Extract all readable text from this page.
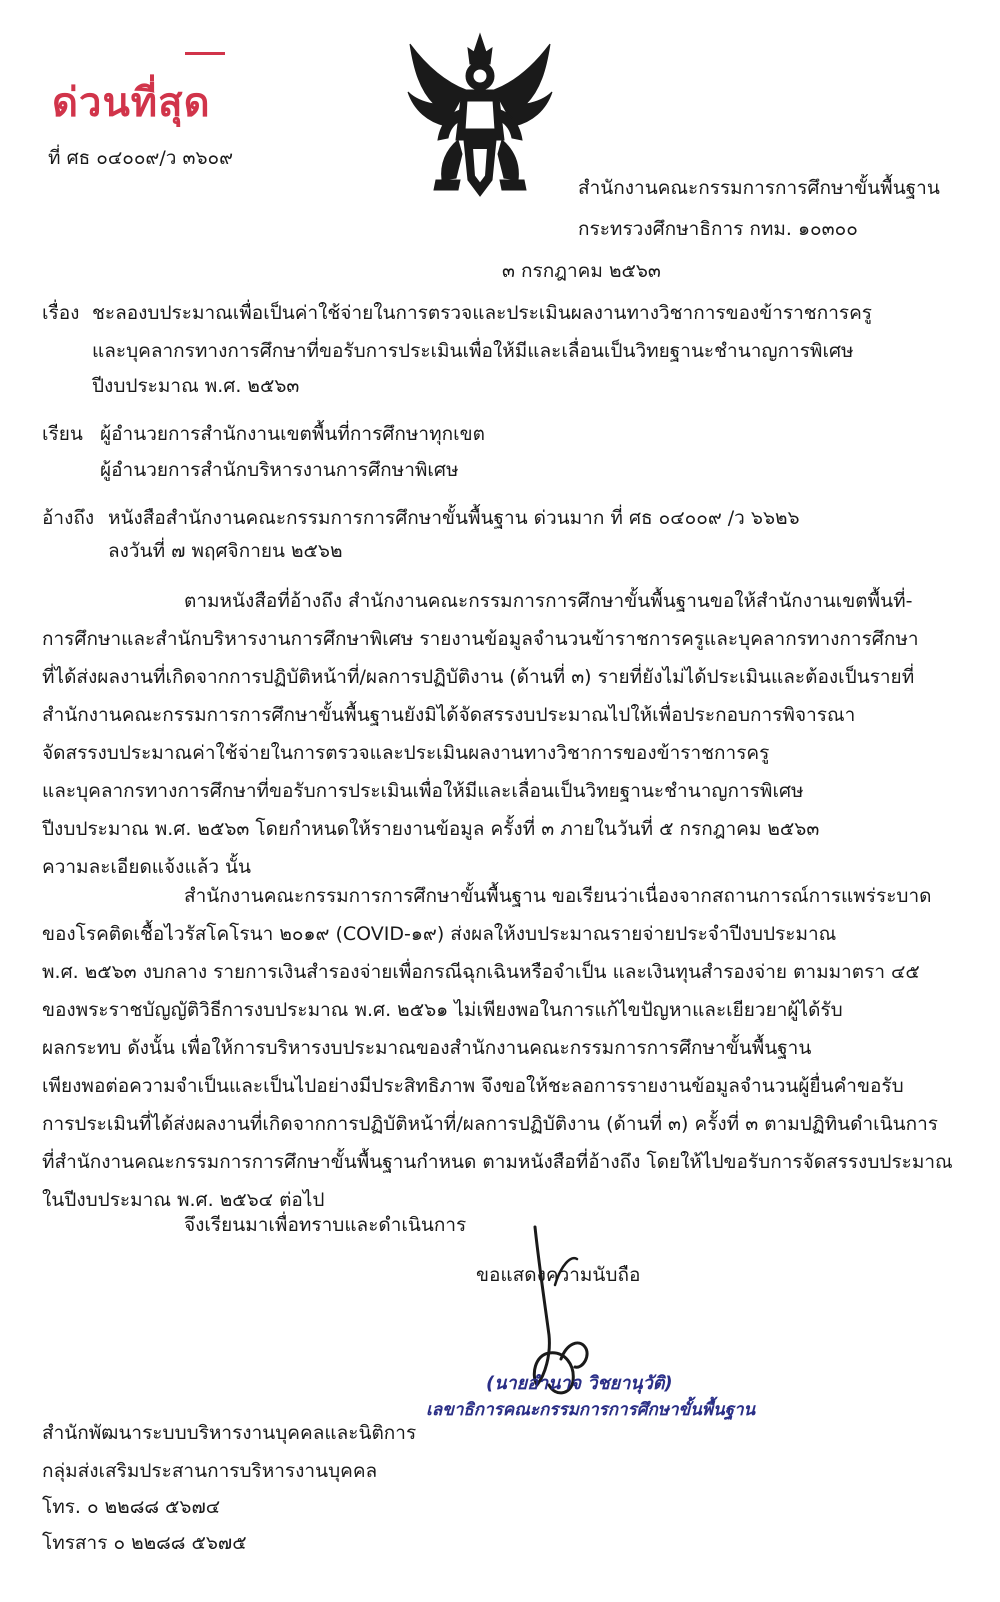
ด่วนที่สุด
ที่ ศธ ๐๔๐๐๙/ว ๓๖๐๙
สำนักงานคณะกรรมการการศึกษาขั้นพื้นฐาน
กระทรวงศึกษาธิการ กทม. ๑๐๓๐๐
๓ กรกฎาคม ๒๕๖๓
เรื่อง ชะลองบประมาณเพื่อเป็นค่าใช้จ่ายในการตรวจและประเมินผลงานทางวิชาการของข้าราชการครู
และบุคลากรทางการศึกษาที่ขอรับการประเมินเพื่อให้มีและเลื่อนเป็นวิทยฐานะชำนาญการพิเศษ
ปีงบประมาณ พ.ศ. ๒๕๖๓
เรียน ผู้อำนวยการสำนักงานเขตพื้นที่การศึกษาทุกเขต
ผู้อำนวยการสำนักบริหารงานการศึกษาพิเศษ
อ้างถึง หนังสือสำนักงานคณะกรรมการการศึกษาขั้นพื้นฐาน ด่วนมาก ที่ ศธ ๐๔๐๐๙ /ว ๖๖๒๖
ลงวันที่ ๗ พฤศจิกายน ๒๕๖๒
ตามหนังสือที่อ้างถึง สำนักงานคณะกรรมการการศึกษาขั้นพื้นฐานขอให้สำนักงานเขตพื้นที่-
การศึกษาและสำนักบริหารงานการศึกษาพิเศษ รายงานข้อมูลจำนวนข้าราชการครูและบุคลากรทางการศึกษา
ที่ได้ส่งผลงานที่เกิดจากการปฏิบัติหน้าที่/ผลการปฏิบัติงาน (ด้านที่ ๓) รายที่ยังไม่ได้ประเมินและต้องเป็นรายที่
สำนักงานคณะกรรมการการศึกษาขั้นพื้นฐานยังมิได้จัดสรรงบประมาณไปให้เพื่อประกอบการพิจารณา
จัดสรรงบประมาณค่าใช้จ่ายในการตรวจและประเมินผลงานทางวิชาการของข้าราชการครู
และบุคลากรทางการศึกษาที่ขอรับการประเมินเพื่อให้มีและเลื่อนเป็นวิทยฐานะชำนาญการพิเศษ
ปีงบประมาณ พ.ศ. ๒๕๖๓ โดยกำหนดให้รายงานข้อมูล ครั้งที่ ๓ ภายในวันที่ ๕ กรกฎาคม ๒๕๖๓
ความละเอียดแจ้งแล้ว นั้น
สำนักงานคณะกรรมการการศึกษาขั้นพื้นฐาน ขอเรียนว่าเนื่องจากสถานการณ์การแพร่ระบาด
ของโรคติดเชื้อไวรัสโคโรนา ๒๐๑๙ (COVID-๑๙) ส่งผลให้งบประมาณรายจ่ายประจำปีงบประมาณ
พ.ศ. ๒๕๖๓ งบกลาง รายการเงินสำรองจ่ายเพื่อกรณีฉุกเฉินหรือจำเป็น และเงินทุนสำรองจ่าย ตามมาตรา ๔๕
ของพระราชบัญญัติวิธีการงบประมาณ พ.ศ. ๒๕๖๑ ไม่เพียงพอในการแก้ไขปัญหาและเยียวยาผู้ได้รับ
ผลกระทบ ดังนั้น เพื่อให้การบริหารงบประมาณของสำนักงานคณะกรรมการการศึกษาขั้นพื้นฐาน
เพียงพอต่อความจำเป็นและเป็นไปอย่างมีประสิทธิภาพ จึงขอให้ชะลอการรายงานข้อมูลจำนวนผู้ยื่นคำขอรับ
การประเมินที่ได้ส่งผลงานที่เกิดจากการปฏิบัติหน้าที่/ผลการปฏิบัติงาน (ด้านที่ ๓) ครั้งที่ ๓ ตามปฏิทินดำเนินการ
ที่สำนักงานคณะกรรมการการศึกษาขั้นพื้นฐานกำหนด ตามหนังสือที่อ้างถึง โดยให้ไปขอรับการจัดสรรงบประมาณ
ในปีงบประมาณ พ.ศ. ๒๕๖๔ ต่อไป
จึงเรียนมาเพื่อทราบและดำเนินการ
ขอแสดงความนับถือ
(นายอำนาจ วิชยานุวัติ)
เลขาธิการคณะกรรมการการศึกษาขั้นพื้นฐาน
สำนักพัฒนาระบบบริหารงานบุคคลและนิติการ
กลุ่มส่งเสริมประสานการบริหารงานบุคคล
โทร. ๐ ๒๒๘๘ ๕๖๗๔
โทรสาร ๐ ๒๒๘๘ ๕๖๗๕
